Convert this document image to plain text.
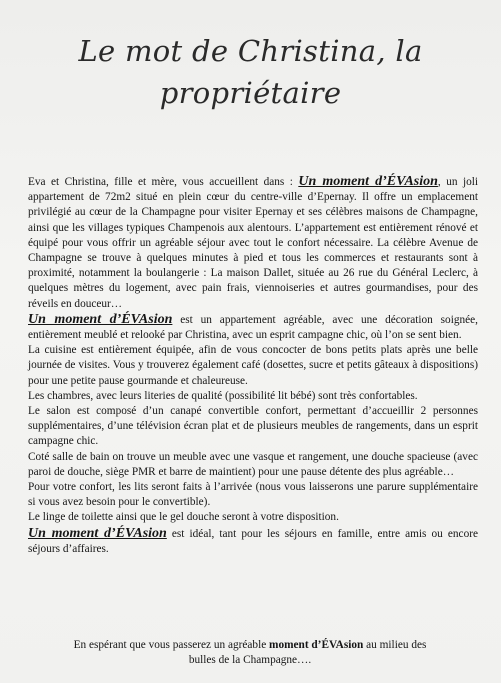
Le mot de Christina, la
propriétaire

Eva et Christina, fille et mère, vous accueillent dans : Un moment d’ÉVAsion, un joli appartement de 72m2 situé en plein cœur du centre-ville d’Epernay. Il offre un emplacement privilégié au cœur de la Champagne pour visiter Epernay et ses célèbres maisons de Champagne, ainsi que les villages typiques Champenois aux alentours. L’appartement est entièrement rénové et équipé pour vous offrir un agréable séjour avec tout le confort nécessaire. La célèbre Avenue de Champagne se trouve à quelques minutes à pied et tous les commerces et restaurants sont à proximité, notamment la boulangerie : La maison Dallet, située au 26 rue du Général Leclerc, à quelques mètres du logement, avec pain frais, viennoiseries et autres gourmandises, pour des réveils en douceur…

Un moment d’ÉVAsion est un appartement agréable, avec une décoration soignée, entièrement meublé et relooké par Christina, avec un esprit campagne chic, où l’on se sent bien.

La cuisine est entièrement équipée, afin de vous concocter de bons petits plats après une belle journée de visites. Vous y trouverez également café (dosettes, sucre et petits gâteaux à dispositions) pour une petite pause gourmande et chaleureuse.

Les chambres, avec leurs literies de qualité (possibilité lit bébé) sont très confortables.

Le salon est composé d’un canapé convertible confort, permettant d’accueillir 2 personnes supplémentaires, d’une télévision écran plat et de plusieurs meubles de rangements, dans un esprit campagne chic.

Coté salle de bain on trouve un meuble avec une vasque et rangement, une douche spacieuse (avec paroi de douche, siège PMR et barre de maintient) pour une pause détente des plus agréable…

Pour votre confort, les lits seront faits à l’arrivée (nous vous laisserons une parure supplémentaire si vous avez besoin pour le convertible).

Le linge de toilette ainsi que le gel douche seront à votre disposition.

Un moment d’ÉVAsion est idéal, tant pour les séjours en famille, entre amis ou encore séjours d’affaires.

En espérant que vous passerez un agréable moment d’ÉVAsion au milieu des bulles de la Champagne….
